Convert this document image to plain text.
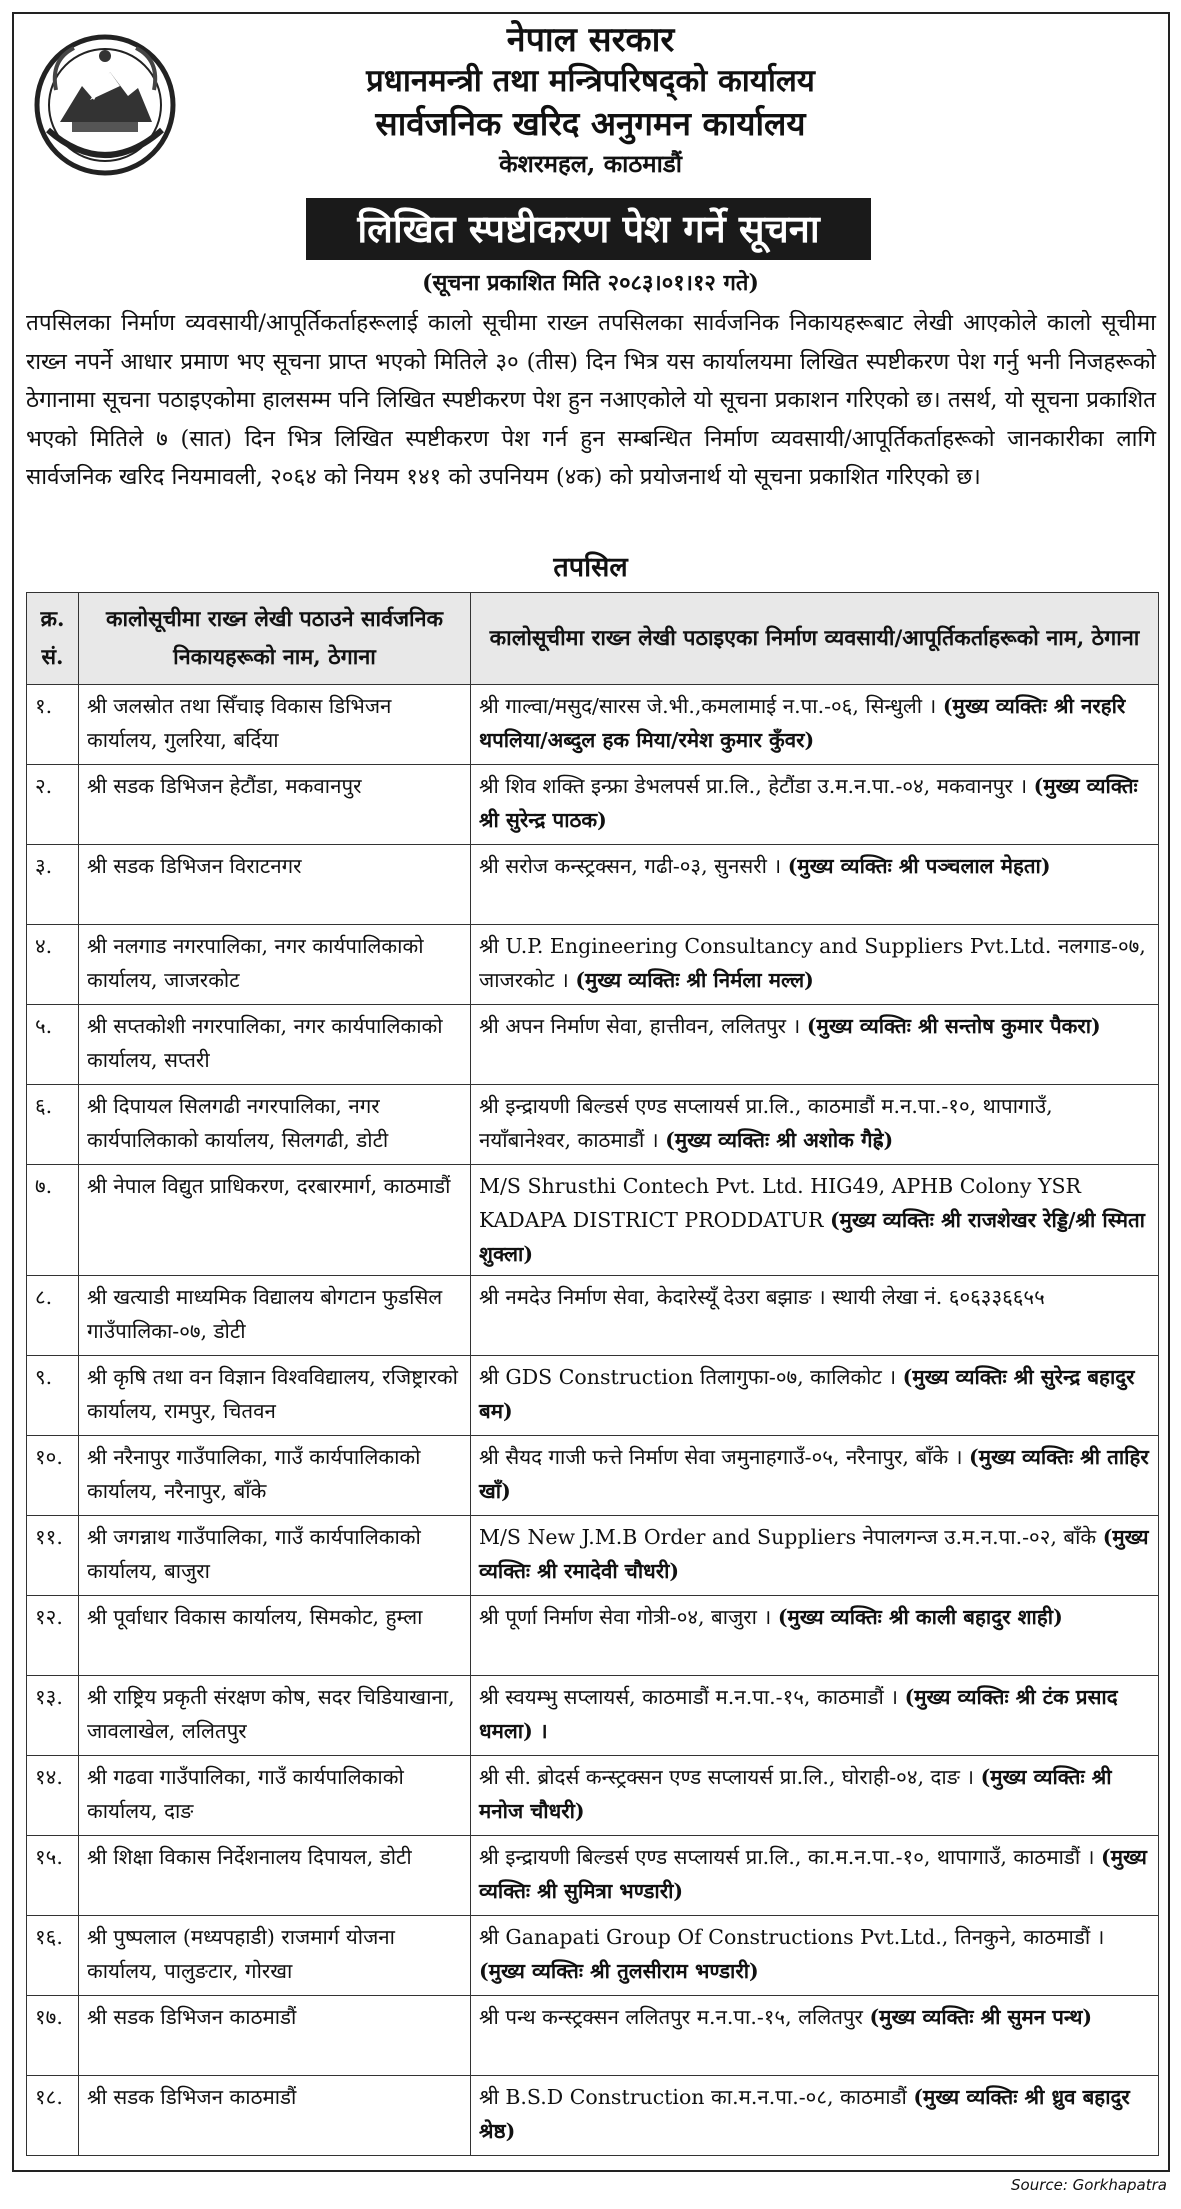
नेपाल सरकार
प्रधानमन्त्री तथा मन्त्रिपरिषद्को कार्यालय
सार्वजनिक खरिद अनुगमन कार्यालय
केशरमहल, काठमाडौं
लिखित स्पष्टीकरण पेश गर्ने सूचना
(सूचना प्रकाशित मिति २०८३।०१।१२ गते)
तपसिलका निर्माण व्यवसायी/आपूर्तिकर्ताहरूलाई कालो सूचीमा राख्न तपसिलका सार्वजनिक निकायहरूबाट लेखी आएकोले कालो सूचीमा राख्न नपर्ने आधार प्रमाण भए सूचना प्राप्त भएको मितिले ३० (तीस) दिन भित्र यस कार्यालयमा लिखित स्पष्टीकरण पेश गर्नु भनी निजहरूको ठेगानामा सूचना पठाइएकोमा हालसम्म पनि लिखित स्पष्टीकरण पेश हुन नआएकोले यो सूचना प्रकाशन गरिएको छ। तसर्थ, यो सूचना प्रकाशित भएको मितिले ७ (सात) दिन भित्र लिखित स्पष्टीकरण पेश गर्न हुन सम्बन्धित निर्माण व्यवसायी/आपूर्तिकर्ताहरूको जानकारीका लागि सार्वजनिक खरिद नियमावली, २०६४ को नियम १४१ को उपनियम (४क) को प्रयोजनार्थ यो सूचना प्रकाशित गरिएको छ।
तपसिल
क्र. सं.	कालोसूचीमा राख्न लेखी पठाउने सार्वजनिक निकायहरूको नाम, ठेगाना	कालोसूचीमा राख्न लेखी पठाइएका निर्माण व्यवसायी/आपूर्तिकर्ताहरूको नाम, ठेगाना
१.	श्री जलस्रोत तथा सिँचाइ विकास डिभिजन कार्यालय, गुलरिया, बर्दिया	श्री गाल्वा/मसुद/सारस जे.भी.,कमलामाई न.पा.-०६, सिन्धुली । (मुख्य व्यक्तिः श्री नरहरि थपलिया/अब्दुल हक मिया/रमेश कुमार कुँवर)
२.	श्री सडक डिभिजन हेटौंडा, मकवानपुर	श्री शिव शक्ति इन्फ्रा डेभलपर्स प्रा.लि., हेटौंडा उ.म.न.पा.-०४, मकवानपुर । (मुख्य व्यक्तिः श्री सुरेन्द्र पाठक)
३.	श्री सडक डिभिजन विराटनगर	श्री सरोज कन्स्ट्रक्सन, गढी-०३, सुनसरी । (मुख्य व्यक्तिः श्री पञ्चलाल मेहता)
४.	श्री नलगाड नगरपालिका, नगर कार्यपालिकाको कार्यालय, जाजरकोट	श्री U.P. Engineering Consultancy and Suppliers Pvt.Ltd. नलगाड-०७, जाजरकोट । (मुख्य व्यक्तिः श्री निर्मला मल्ल)
५.	श्री सप्तकोशी नगरपालिका, नगर कार्यपालिकाको कार्यालय, सप्तरी	श्री अपन निर्माण सेवा, हात्तीवन, ललितपुर । (मुख्य व्यक्तिः श्री सन्तोष कुमार पैकरा)
६.	श्री दिपायल सिलगढी नगरपालिका, नगर कार्यपालिकाको कार्यालय, सिलगढी, डोटी	श्री इन्द्रायणी बिल्डर्स एण्ड सप्लायर्स प्रा.लि., काठमाडौं म.न.पा.-१०, थापागाउँ, नयाँबानेश्वर, काठमाडौं । (मुख्य व्यक्तिः श्री अशोक गैह्रे)
७.	श्री नेपाल विद्युत प्राधिकरण, दरबारमार्ग, काठमाडौं	M/S Shrusthi Contech Pvt. Ltd. HIG49, APHB Colony YSR KADAPA DISTRICT PRODDATUR (मुख्य व्यक्तिः श्री राजशेखर रेड्डि/श्री स्मिता शुक्ला)
८.	श्री खत्याडी माध्यमिक विद्यालय बोगटान फुडसिल गाउँपालिका-०७, डोटी	श्री नमदेउ निर्माण सेवा, केदारेस्यूँ देउरा बझाङ । स्थायी लेखा नं. ६०६३३६६५५
९.	श्री कृषि तथा वन विज्ञान विश्वविद्यालय, रजिष्ट्रारको कार्यालय, रामपुर, चितवन	श्री GDS Construction तिलागुफा-०७, कालिकोट । (मुख्य व्यक्तिः श्री सुरेन्द्र बहादुर बम)
१०.	श्री नरैनापुर गाउँपालिका, गाउँ कार्यपालिकाको कार्यालय, नरैनापुर, बाँके	श्री सैयद गाजी फत्ते निर्माण सेवा जमुनाहगाउँ-०५, नरैनापुर, बाँके । (मुख्य व्यक्तिः श्री ताहिर खाँ)
११.	श्री जगन्नाथ गाउँपालिका, गाउँ कार्यपालिकाको कार्यालय, बाजुरा	M/S New J.M.B Order and Suppliers नेपालगन्ज उ.म.न.पा.-०२, बाँके (मुख्य व्यक्तिः श्री रमादेवी चौधरी)
१२.	श्री पूर्वाधार विकास कार्यालय, सिमकोट, हुम्ला	श्री पूर्णा निर्माण सेवा गोत्री-०४, बाजुरा । (मुख्य व्यक्तिः श्री काली बहादुर शाही)
१३.	श्री राष्ट्रिय प्रकृती संरक्षण कोष, सदर चिडियाखाना, जावलाखेल, ललितपुर	श्री स्वयम्भु सप्लायर्स, काठमाडौं म.न.पा.-१५, काठमाडौं । (मुख्य व्यक्तिः श्री टंक प्रसाद धमला) ।
१४.	श्री गढवा गाउँपालिका, गाउँ कार्यपालिकाको कार्यालय, दाङ	श्री सी. ब्रोदर्स कन्स्ट्रक्सन एण्ड सप्लायर्स प्रा.लि., घोराही-०४, दाङ । (मुख्य व्यक्तिः श्री मनोज चौधरी)
१५.	श्री शिक्षा विकास निर्देशनालय दिपायल, डोटी	श्री इन्द्रायणी बिल्डर्स एण्ड सप्लायर्स प्रा.लि., का.म.न.पा.-१०, थापागाउँ, काठमाडौं । (मुख्य व्यक्तिः श्री सुमित्रा भण्डारी)
१६.	श्री पुष्पलाल (मध्यपहाडी) राजमार्ग योजना कार्यालय, पालुङटार, गोरखा	श्री Ganapati Group Of Constructions Pvt.Ltd., तिनकुने, काठमाडौं । (मुख्य व्यक्तिः श्री तुलसीराम भण्डारी)
१७.	श्री सडक डिभिजन काठमाडौं	श्री पन्थ कन्स्ट्रक्सन ललितपुर म.न.पा.-१५, ललितपुर (मुख्य व्यक्तिः श्री सुमन पन्थ)
१८.	श्री सडक डिभिजन काठमाडौं	श्री B.S.D Construction का.म.न.पा.-०८, काठमाडौं (मुख्य व्यक्तिः श्री ध्रुव बहादुर श्रेष्ठ)
Source: Gorkhapatra
